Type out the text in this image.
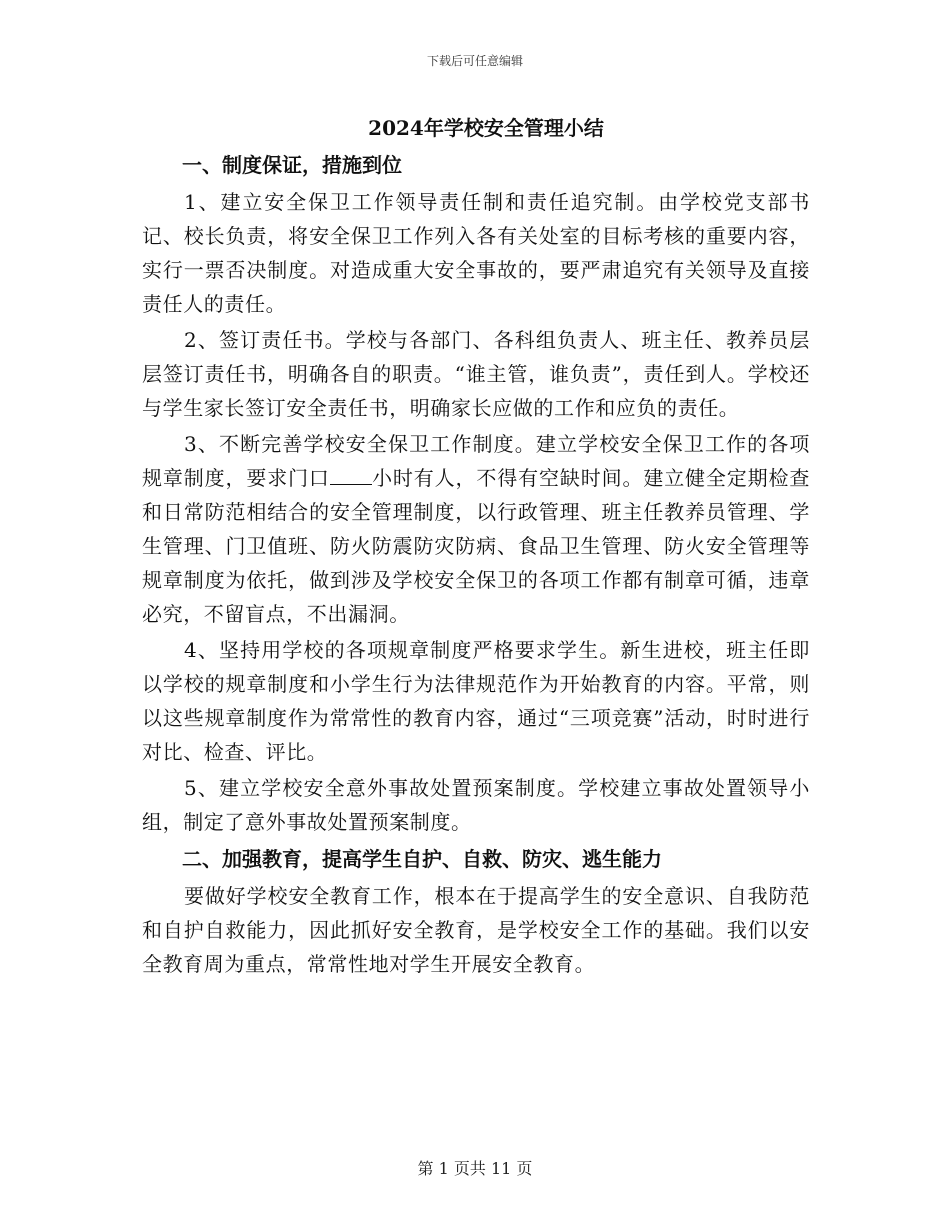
下载后可任意编辑
2024年学校安全管理小结
一、制度保证，措施到位

1、建立安全保卫工作领导责任制和责任追究制。由学校党支部书记、校长负责，将安全保卫工作列入各有关处室的目标考核的重要内容，实行一票否决制度。对造成重大安全事故的，要严肃追究有关领导及直接责任人的责任。

2、签订责任书。学校与各部门、各科组负责人、班主任、教养员层层签订责任书，明确各自的职责。“谁主管，谁负责”，责任到人。学校还与学生家长签订安全责任书，明确家长应做的工作和应负的责任。

3、不断完善学校安全保卫工作制度。建立学校安全保卫工作的各项规章制度，要求门口 小时有人，不得有空缺时间。建立健全定期检查和日常防范相结合的安全管理制度，以行政管理、班主任教养员管理、学生管理、门卫值班、防火防震防灾防病、食品卫生管理、防火安全管理等规章制度为依托，做到涉及学校安全保卫的各项工作都有制章可循，违章必究，不留盲点，不出漏洞。

4、坚持用学校的各项规章制度严格要求学生。新生进校，班主任即以学校的规章制度和小学生行为法律规范作为开始教育的内容。平常，则以这些规章制度作为常常性的教育内容，通过“三项竞赛”活动，时时进行对比、检查、评比。

5、建立学校安全意外事故处置预案制度。学校建立事故处置领导小组，制定了意外事故处置预案制度。

二、加强教育，提高学生自护、自救、防灾、逃生能力

要做好学校安全教育工作，根本在于提高学生的安全意识、自我防范和自护自救能力，因此抓好安全教育，是学校安全工作的基础。我们以安全教育周为重点，常常性地对学生开展安全教育。

第 1 页共 11 页
